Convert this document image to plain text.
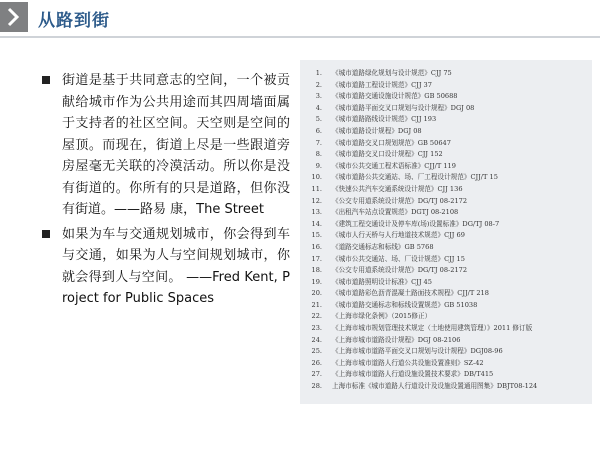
从路到街
街道是基于共同意志的空间，一个被贡献给城市作为公共用途而其四周墙面属于支持者的社区空间。天空则是空间的屋顶。而现在，街道上尽是一些跟道旁房屋毫无关联的冷漠活动。所以你是没有街道的。你所有的只是道路，但你没有街道。——路易 康，The Street
如果为车与交通规划城市，你会得到车与交通，如果为人与空间规划城市，你就会得到人与空间。 ——Fred Kent, Project for Public Spaces
1.	《城市道路绿化规划与设计规范》CJJ 75
2.	《城市道路工程设计规范》CJJ 37
3.	《城市道路交通设施设计规范》GB 50688
4.	《城市道路平面交叉口规划与设计规程》DGJ 08
5.	《城市道路路线设计规范》CJJ 193
6.	《城市道路设计规程》DGJ 08
7.	《城市道路交叉口规划规范》GB 50647
8.	《城市道路交叉口设计规程》CJJ 152
9.	《城市公共交通工程术语标准》CJJ/T 119
10.	《城市道路公共交通站、场、厂工程设计规范》CJJ/T 15
11.	《快速公共汽车交通系统设计规范》CJJ 136
12.	《公交专用道系统设计规范》DG/TJ 08-2172
13.	《出租汽车站点设置规范》DGTJ 08-2108
14.	《建筑工程交通设计及停车库(场)设置标准》DG/TJ 08-7
15.	《城市人行天桥与人行地道技术规范》CJJ 69
16.	《道路交通标志和标线》GB 5768
17.	《城市公共交通站、场、厂设计规范》CJJ 15
18.	《公交专用道系统设计规范》DG/TJ 08-2172
19.	《城市道路照明设计标准》CJJ 45
20.	《城市道路彩色沥青混凝土路面技术规程》CJJ/T 218
21.	《城市道路交通标志和标线设置规范》GB 51038
22.	《上海市绿化条例》（2015修正）
23.	《上海市城市规划管理技术规定（土地使用建筑管理）》2011 修订版
24.	《上海市城市道路设计规程》DGJ 08-2106
25.	《上海市城市道路平面交叉口规划与设计规程》DGJ08-96
26.	《上海市城市道路人行道公共设施设置准则》SZ-42
27.	《上海市城市道路人行道设施设置技术要求》DB/T415
28.	上海市标准《城市道路人行道设计及设施设置通用图集》DBJT08-124
